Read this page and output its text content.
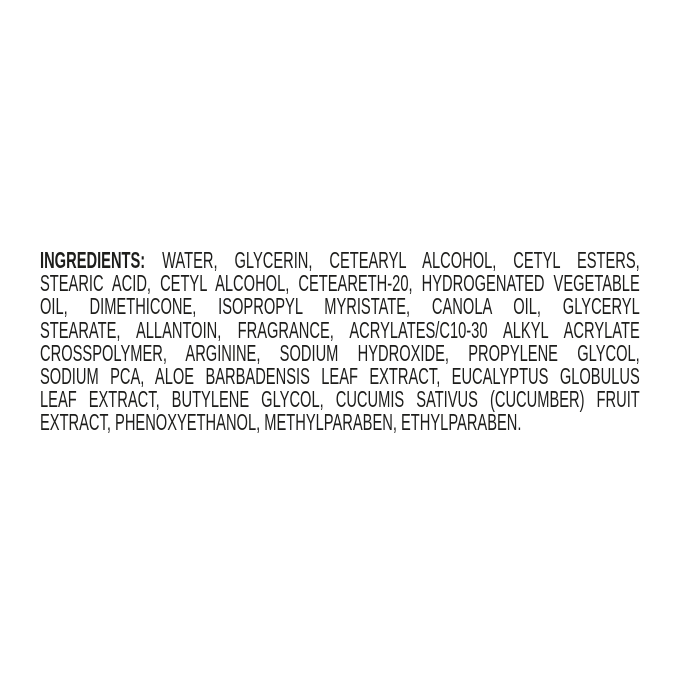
INGREDIENTS: WATER, GLYCERIN, CETEARYL ALCOHOL, CETYL ESTERS,
STEARIC ACID, CETYL ALCOHOL, CETEARETH-20, HYDROGENATED VEGETABLE
OIL, DIMETHICONE, ISOPROPYL MYRISTATE, CANOLA OIL, GLYCERYL
STEARATE, ALLANTOIN, FRAGRANCE, ACRYLATES/C10-30 ALKYL ACRYLATE
CROSSPOLYMER, ARGININE, SODIUM HYDROXIDE, PROPYLENE GLYCOL,
SODIUM PCA, ALOE BARBADENSIS LEAF EXTRACT, EUCALYPTUS GLOBULUS
LEAF EXTRACT, BUTYLENE GLYCOL, CUCUMIS SATIVUS (CUCUMBER) FRUIT
EXTRACT, PHENOXYETHANOL, METHYLPARABEN, ETHYLPARABEN.
